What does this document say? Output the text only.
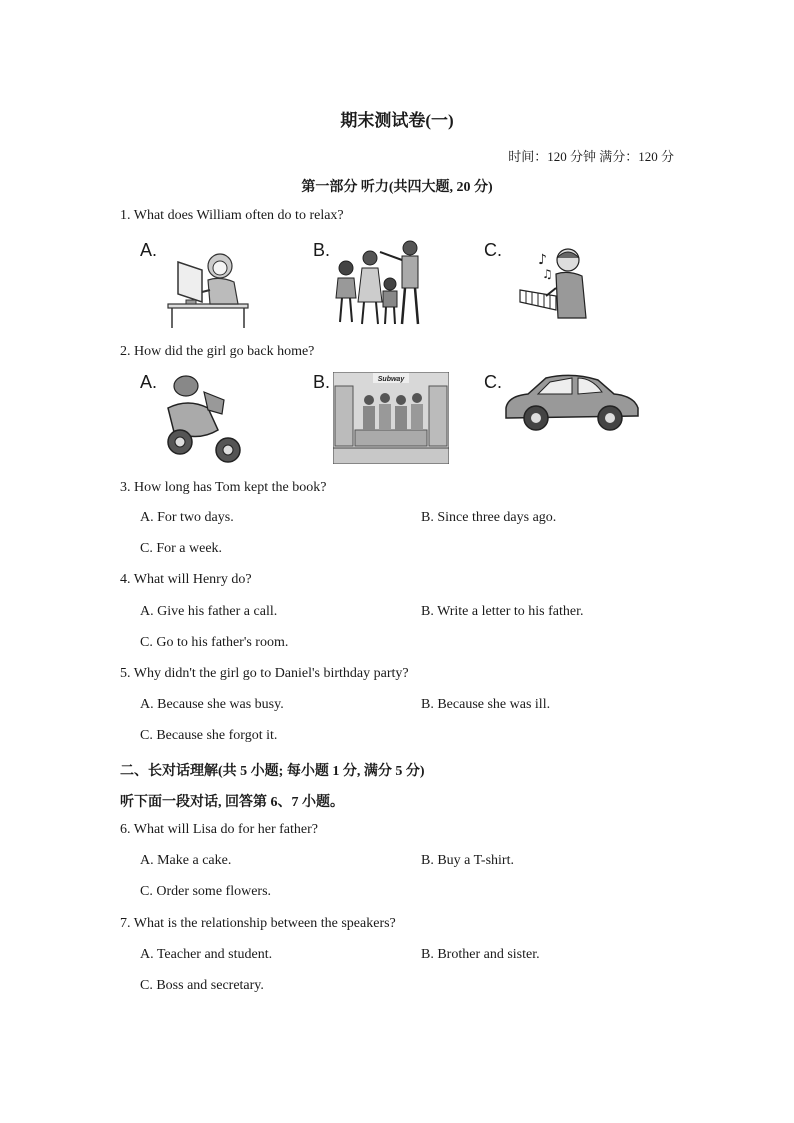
期末测试卷(一)
时间：120 分钟 满分：120 分
第一部分 听力(共四大题, 20 分)
1. What does William often do to relax?
A.	B.	C.	♪
♫
2. How did the girl go back home?
A.	B.	Subway	C.
3. How long has Tom kept the book?
A. For two days.	B. Since three days ago.
C. For a week.
4. What will Henry do?
A. Give his father a call.	B. Write a letter to his father.
C. Go to his father's room.
5. Why didn't the girl go to Daniel's birthday party?
A. Because she was busy.	B. Because she was ill.
C. Because she forgot it.
二、长对话理解(共 5 小题; 每小题 1 分, 满分 5 分)
听下面一段对话, 回答第 6、7 小题。
6. What will Lisa do for her father?
A. Make a cake.	B. Buy a T-shirt.
C. Order some flowers.
7. What is the relationship between the speakers?
A. Teacher and student.	B. Brother and sister.
C. Boss and secretary.
